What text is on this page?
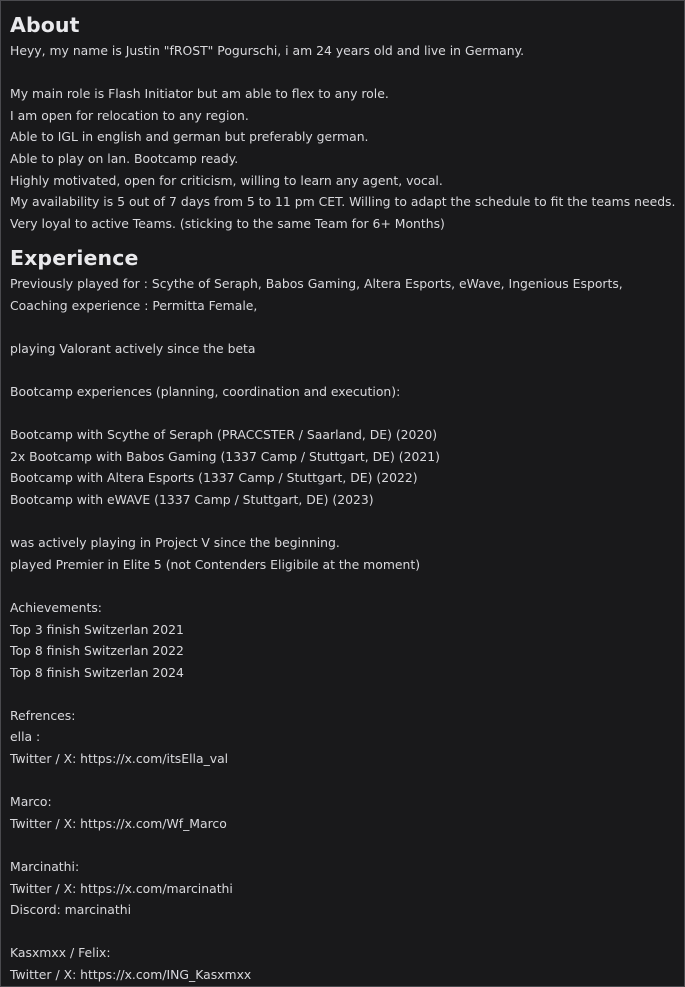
About
Heyy, my name is Justin "fROST" Pogurschi, i am 24 years old and live in Germany.
My main role is Flash Initiator but am able to flex to any role.
I am open for relocation to any region.
Able to IGL in english and german but preferably german.
Able to play on lan. Bootcamp ready.
Highly motivated, open for criticism, willing to learn any agent, vocal.
My availability is 5 out of 7 days from 5 to 11 pm CET. Willing to adapt the schedule to fit the teams needs.
Very loyal to active Teams. (sticking to the same Team for 6+ Months)
Experience
Previously played for : Scythe of Seraph, Babos Gaming, Altera Esports, eWave, Ingenious Esports,
Coaching experience : Permitta Female,
playing Valorant actively since the beta
Bootcamp experiences (planning, coordination and execution):
Bootcamp with Scythe of Seraph (PRACCSTER / Saarland, DE) (2020)
2x Bootcamp with Babos Gaming (1337 Camp / Stuttgart, DE) (2021)
Bootcamp with Altera Esports (1337 Camp / Stuttgart, DE) (2022)
Bootcamp with eWAVE (1337 Camp / Stuttgart, DE) (2023)
was actively playing in Project V since the beginning.
played Premier in Elite 5 (not Contenders Eligibile at the moment)
Achievements:
Top 3 finish Switzerlan 2021
Top 8 finish Switzerlan 2022
Top 8 finish Switzerlan 2024
Refrences:
ella :
Twitter / X: https://x.com/itsElla_val
Marco:
Twitter / X: https://x.com/Wf_Marco
Marcinathi:
Twitter / X: https://x.com/marcinathi
Discord: marcinathi
Kasxmxx / Felix:
Twitter / X: https://x.com/ING_Kasxmxx
